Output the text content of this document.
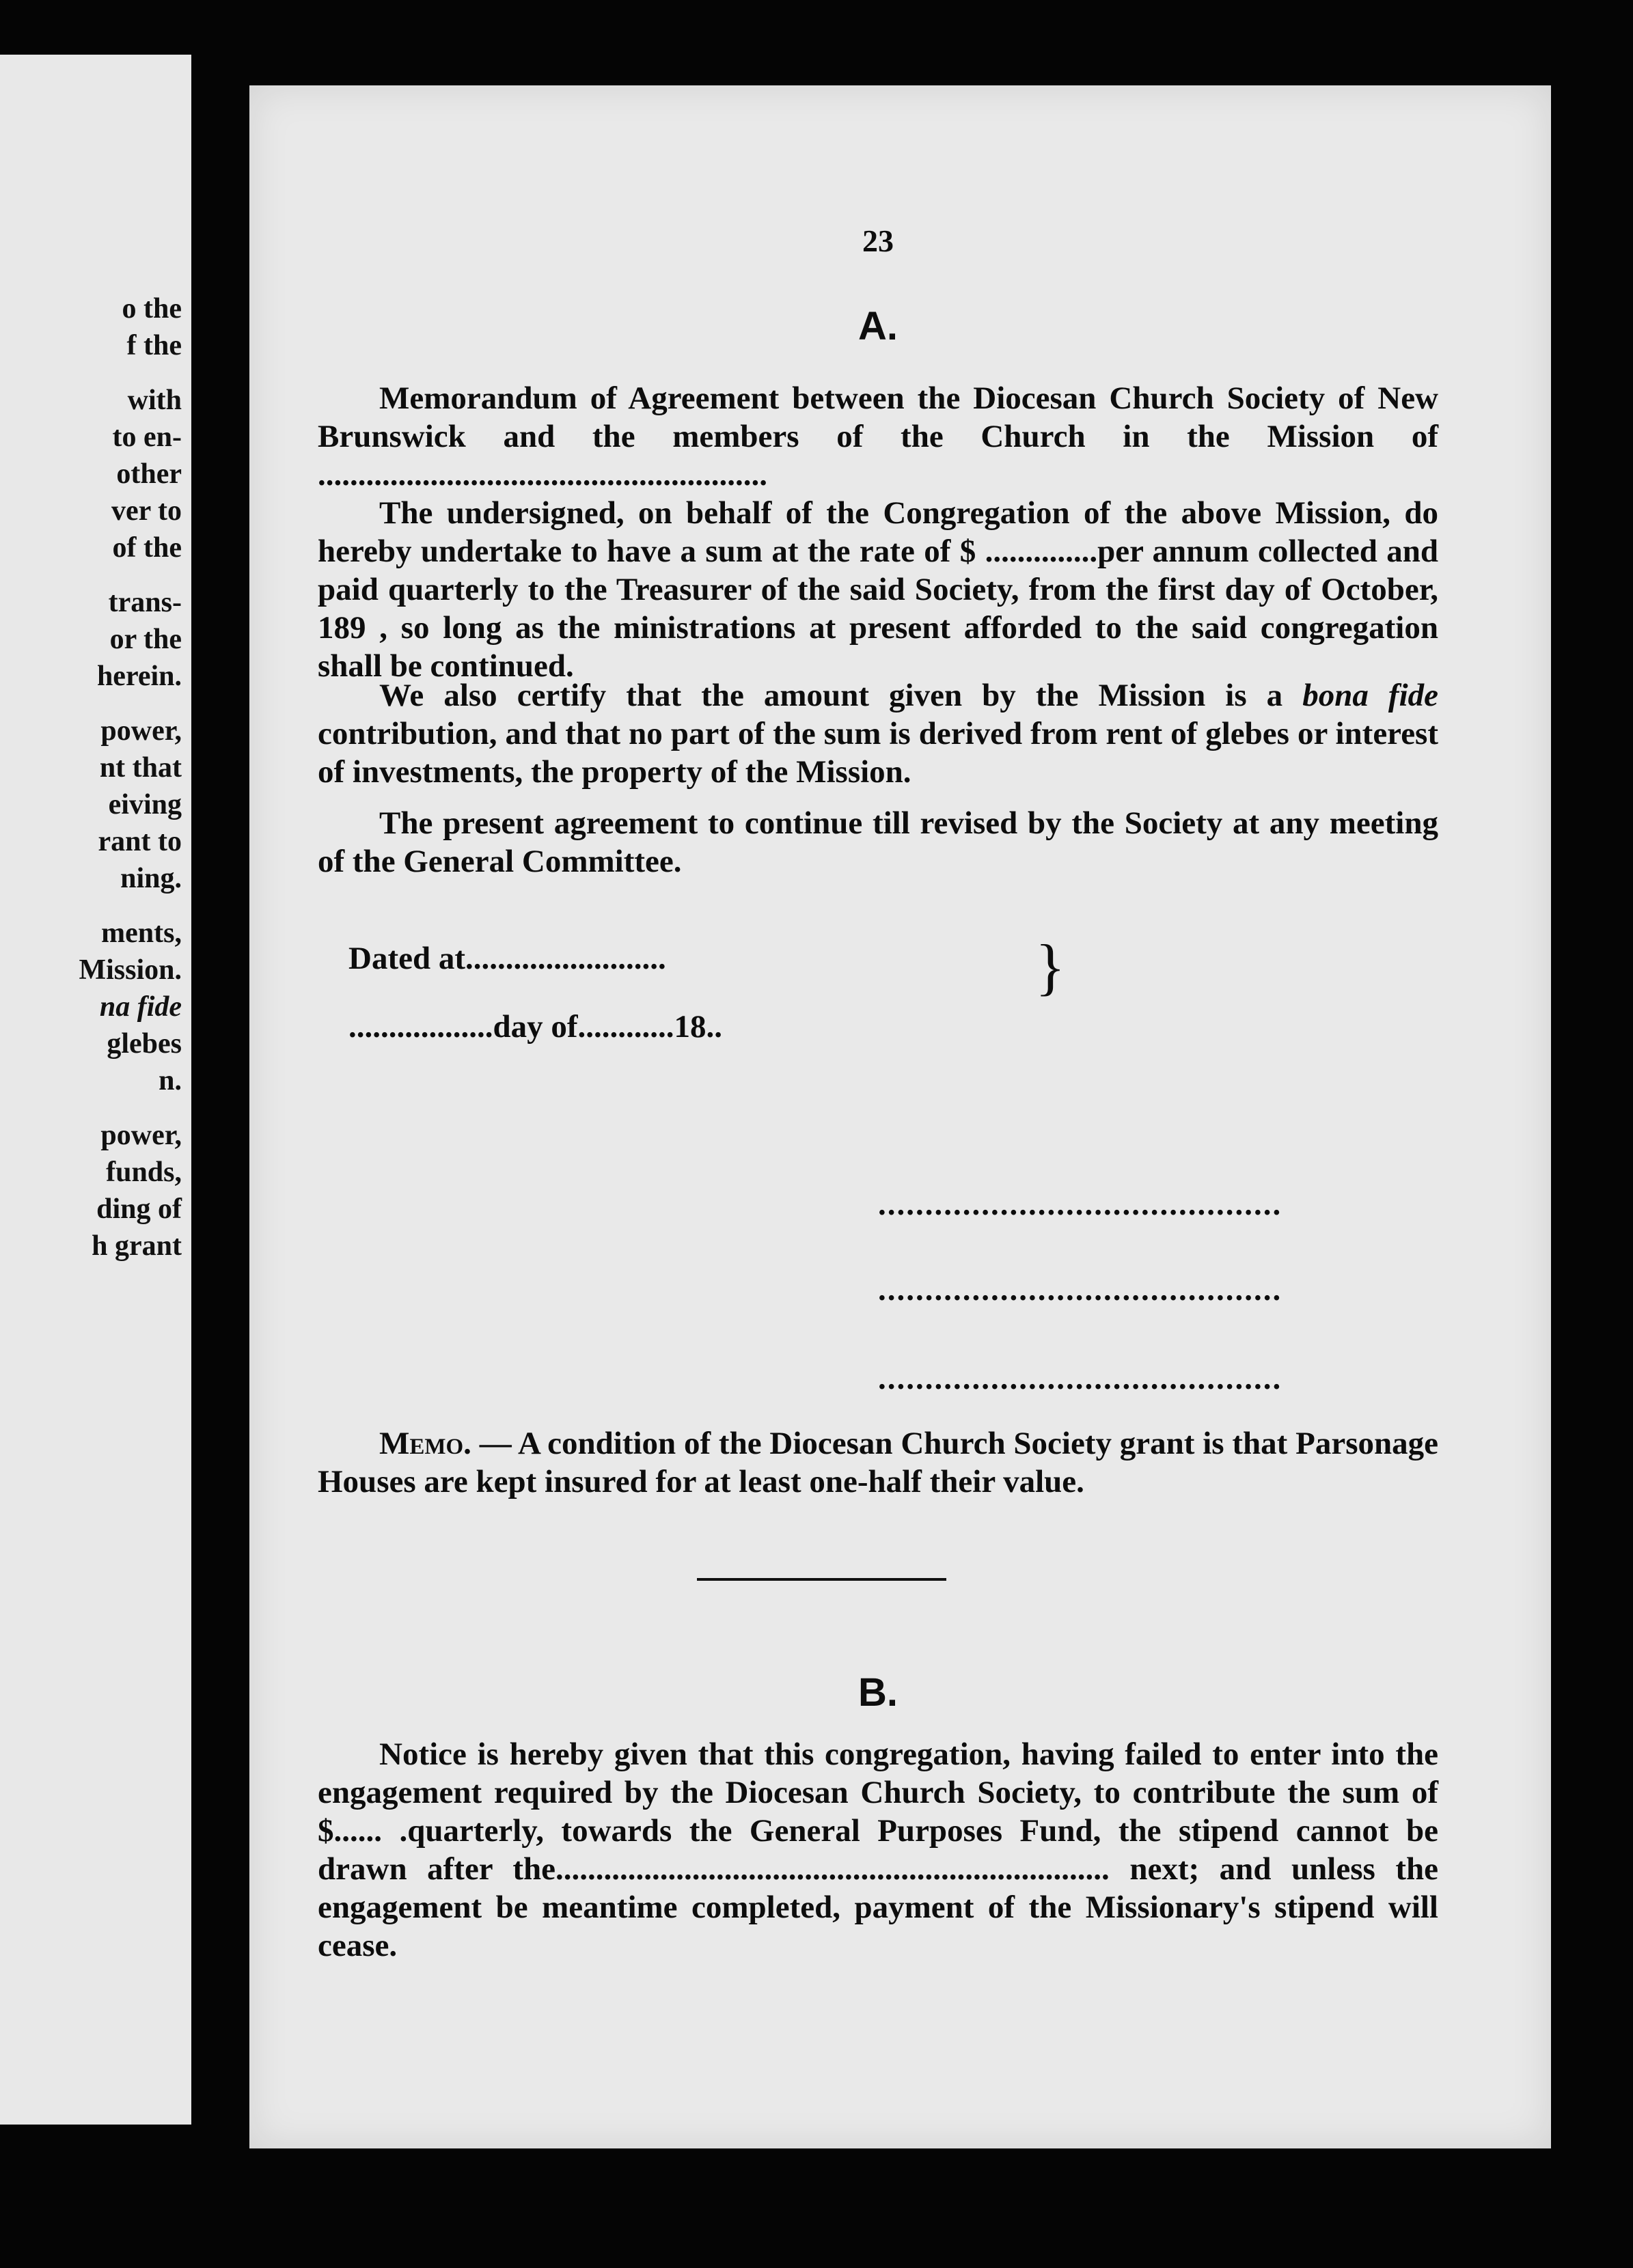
o the
f the
with
to en-
other
ver to
of the
trans-
or the
herein.
power,
nt that
eiving
rant to
ning.
ments,
Mission.
na fide
glebes
n.
power,
funds,
ding of
h grant
23
A.

Memorandum of Agreement between the Diocesan Church Society of New Brunswick and the members of the Church in the Mission of ........................................................

The undersigned, on behalf of the Congregation of the above Mission, do hereby undertake to have a sum at the rate of $ ..............per annum collected and paid quarterly to the Treasurer of the said Society, from the first day of October, 189 , so long as the ministrations at present afforded to the said congregation shall be continued.

We also certify that the amount given by the Mission is a bona fide contribution, and that no part of the sum is derived from rent of glebes or interest of investments, the property of the Mission.

The present agreement to continue till revised by the Society at any meeting of the General Committee.

Dated at.........................
..................day of............18..
}
...........................................
...........................................
...........................................

Memo. — A condition of the Diocesan Church Society grant is that Parsonage Houses are kept insured for at least one-half their value.

B.

Notice is hereby given that this congregation, having failed to enter into the engagement required by the Diocesan Church Society, to contribute the sum of $...... .quarterly, towards the General Purposes Fund, the stipend cannot be drawn after the..................................................................... next; and unless the engagement be meantime completed, payment of the Missionary's stipend will cease.
